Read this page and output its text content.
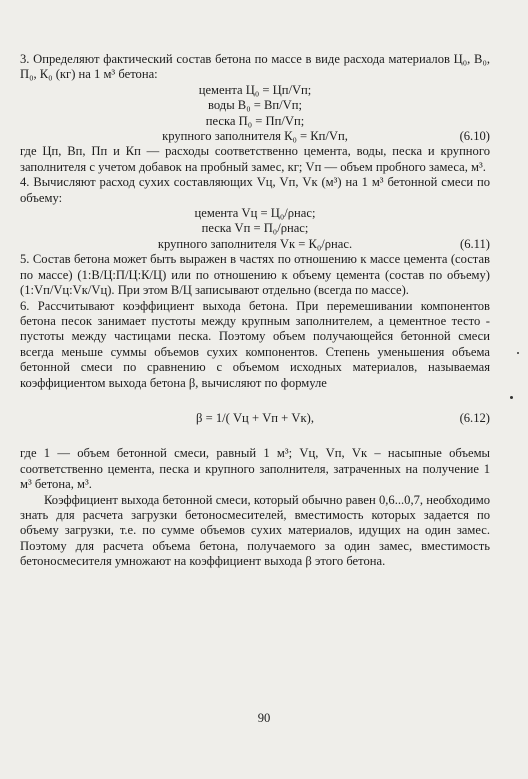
3. Определяют фактический состав бетона по массе в виде расхода материалов Ц₀, В₀, П₀, К₀ (кг) на 1 м³ бетона:

цемента Ц₀ = Цп/Vп;
воды В₀ = Вп/Vп;
песка П₀ = Пп/Vп;
крупного заполнителя К₀ = Кп/Vп,	(6.10)

где Цп, Вп, Пп и Кп — расходы соответственно цемента, воды, песка и крупного заполнителя с учетом добавок на пробный замес, кг; Vп — объем пробного замеса, м³.

4. Вычисляют расход сухих составляющих Vц, Vп, Vк (м³) на 1 м³ бетонной смеси по объему:

цемента Vц = Ц₀/ρнас;
песка Vп = П₀/ρнас;
крупного заполнителя Vк = К₀/ρнас.	(6.11)

5. Состав бетона может быть выражен в частях по отношению к массе цемента (состав по массе) (1:В/Ц:П/Ц:К/Ц) или по отношению к объему цемента (состав по объему) (1:Vп/Vц:Vк/Vц). При этом В/Ц записывают отдельно (всегда по массе).

6. Рассчитывают коэффициент выхода бетона. При перемешивании компонентов бетона песок занимает пустоты между крупным заполнителем, а цементное тесто - пустоты между частицами песка. Поэтому объем получающейся бетонной смеси всегда меньше суммы объемов сухих компонентов. Степень уменьшения объема бетонной смеси по сравнению с объемом исходных материалов, называемая коэффициентом выхода бетона β, вычисляют по формуле

β = 1/( Vц + Vп + Vк),	(6.12)

где 1 — объем бетонной смеси, равный 1 м³; Vц, Vп, Vк – насыпные объемы соответственно цемента, песка и крупного заполнителя, затраченных на получение 1 м³ бетона, м³.

Коэффициент выхода бетонной смеси, который обычно равен 0,6...0,7, необходимо знать для расчета загрузки бетоносмесителей, вместимость которых задается по объему загрузки, т.е. по сумме объемов сухих материалов, идущих на один замес. Поэтому для расчета объема бетона, получаемого за один замес, вместимость бетоносмесителя умножают на коэффициент выхода β этого бетона.

90
